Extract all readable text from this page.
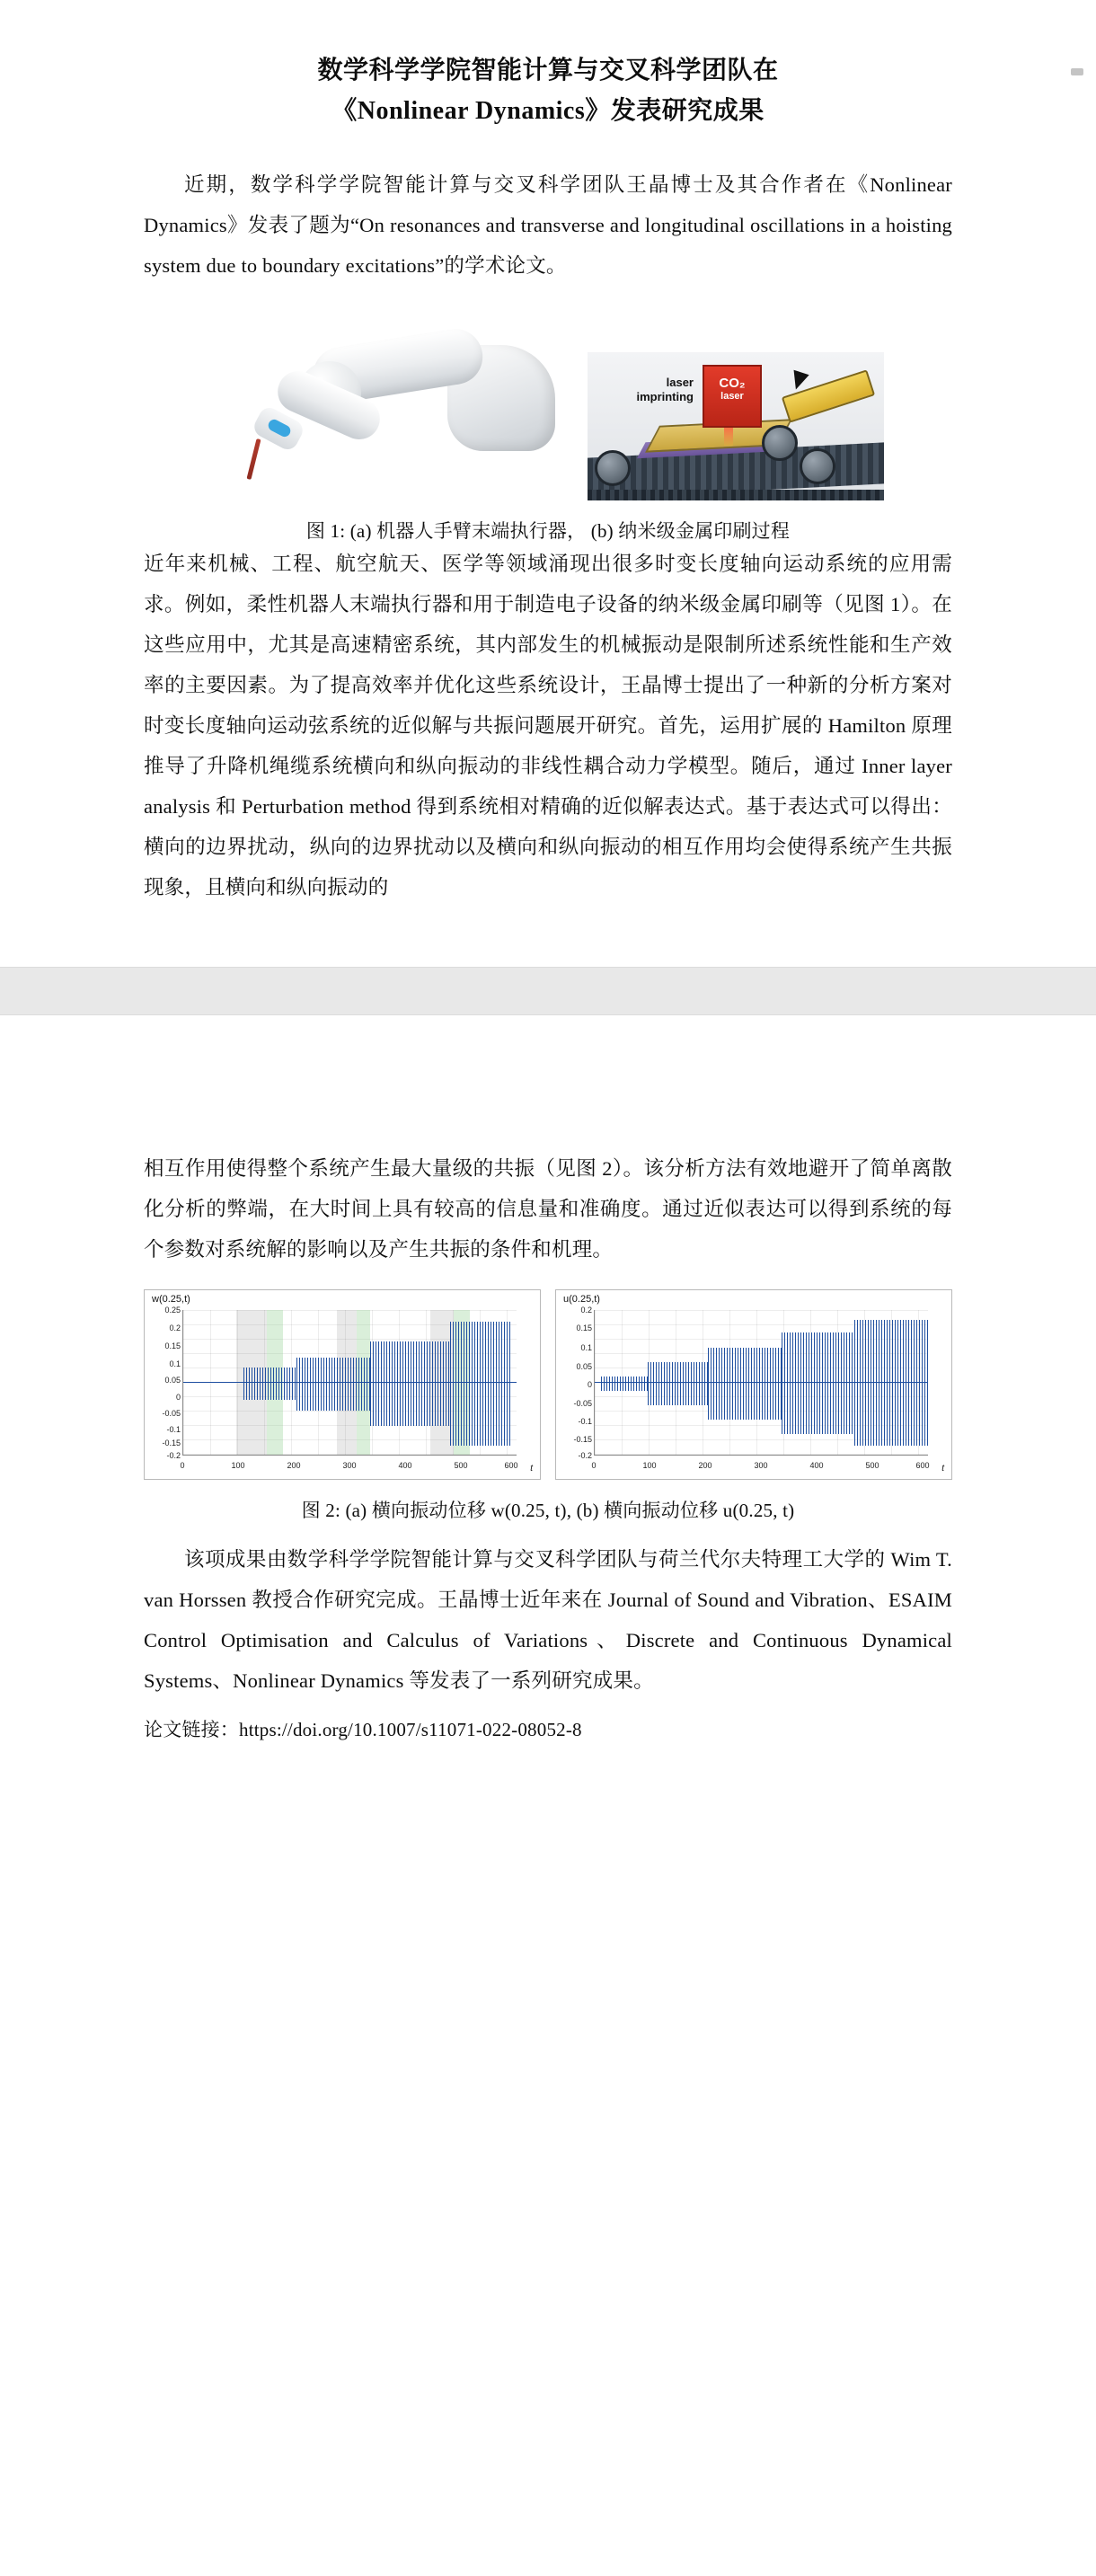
数学科学学院智能计算与交叉科学团队在
《Nonlinear Dynamics》发表研究成果

近期，数学科学学院智能计算与交叉科学团队王晶博士及其合作者在《Nonlinear Dynamics》发表了题为“On resonances and transverse and longitudinal oscillations in a hoisting system due to boundary excitations”的学术论文。

CO₂
laser
laser
imprinting
图 1: (a) 机器人手臂末端执行器， (b) 纳米级金属印刷过程

近年来机械、工程、航空航天、医学等领域涌现出很多时变长度轴向运动系统的应用需求。例如，柔性机器人末端执行器和用于制造电子设备的纳米级金属印刷等（见图 1）。在这些应用中，尤其是高速精密系统，其内部发生的机械振动是限制所述系统性能和生产效率的主要因素。为了提高效率并优化这些系统设计，王晶博士提出了一种新的分析方案对时变长度轴向运动弦系统的近似解与共振问题展开研究。首先，运用扩展的 Hamilton 原理推导了升降机绳缆系统横向和纵向振动的非线性耦合动力学模型。随后，通过 Inner layer analysis 和 Perturbation method 得到系统相对精确的近似解表达式。基于表达式可以得出：横向的边界扰动，纵向的边界扰动以及横向和纵向振动的相互作用均会使得系统产生共振现象，且横向和纵向振动的

相互作用使得整个系统产生最大量级的共振（见图 2）。该分析方法有效地避开了简单离散化分析的弊端，在大时间上具有较高的信息量和准确度。通过近似表达可以得到系统的每个参数对系统解的影响以及产生共振的条件和机理。

w(0.25,t)
0.25
0.2
0.15
0.1
0.05
0
-0.05
-0.1
-0.15
-0.2
0	100	200	300	400	500	600 t
u(0.25,t)
0.2
0.15
0.1
0.05
0
-0.05
-0.1
-0.15
-0.2
0	100	200	300	400	500	600 t
图 2: (a) 横向振动位移 w(0.25, t), (b) 横向振动位移 u(0.25, t)

该项成果由数学科学学院智能计算与交叉科学团队与荷兰代尔夫特理工大学的 Wim T. van Horssen 教授合作研究完成。王晶博士近年来在 Journal of Sound and Vibration、ESAIM Control Optimisation and Calculus of Variations、Discrete and Continuous Dynamical Systems、Nonlinear Dynamics 等发表了一系列研究成果。

论文链接：https://doi.org/10.1007/s11071-022-08052-8
